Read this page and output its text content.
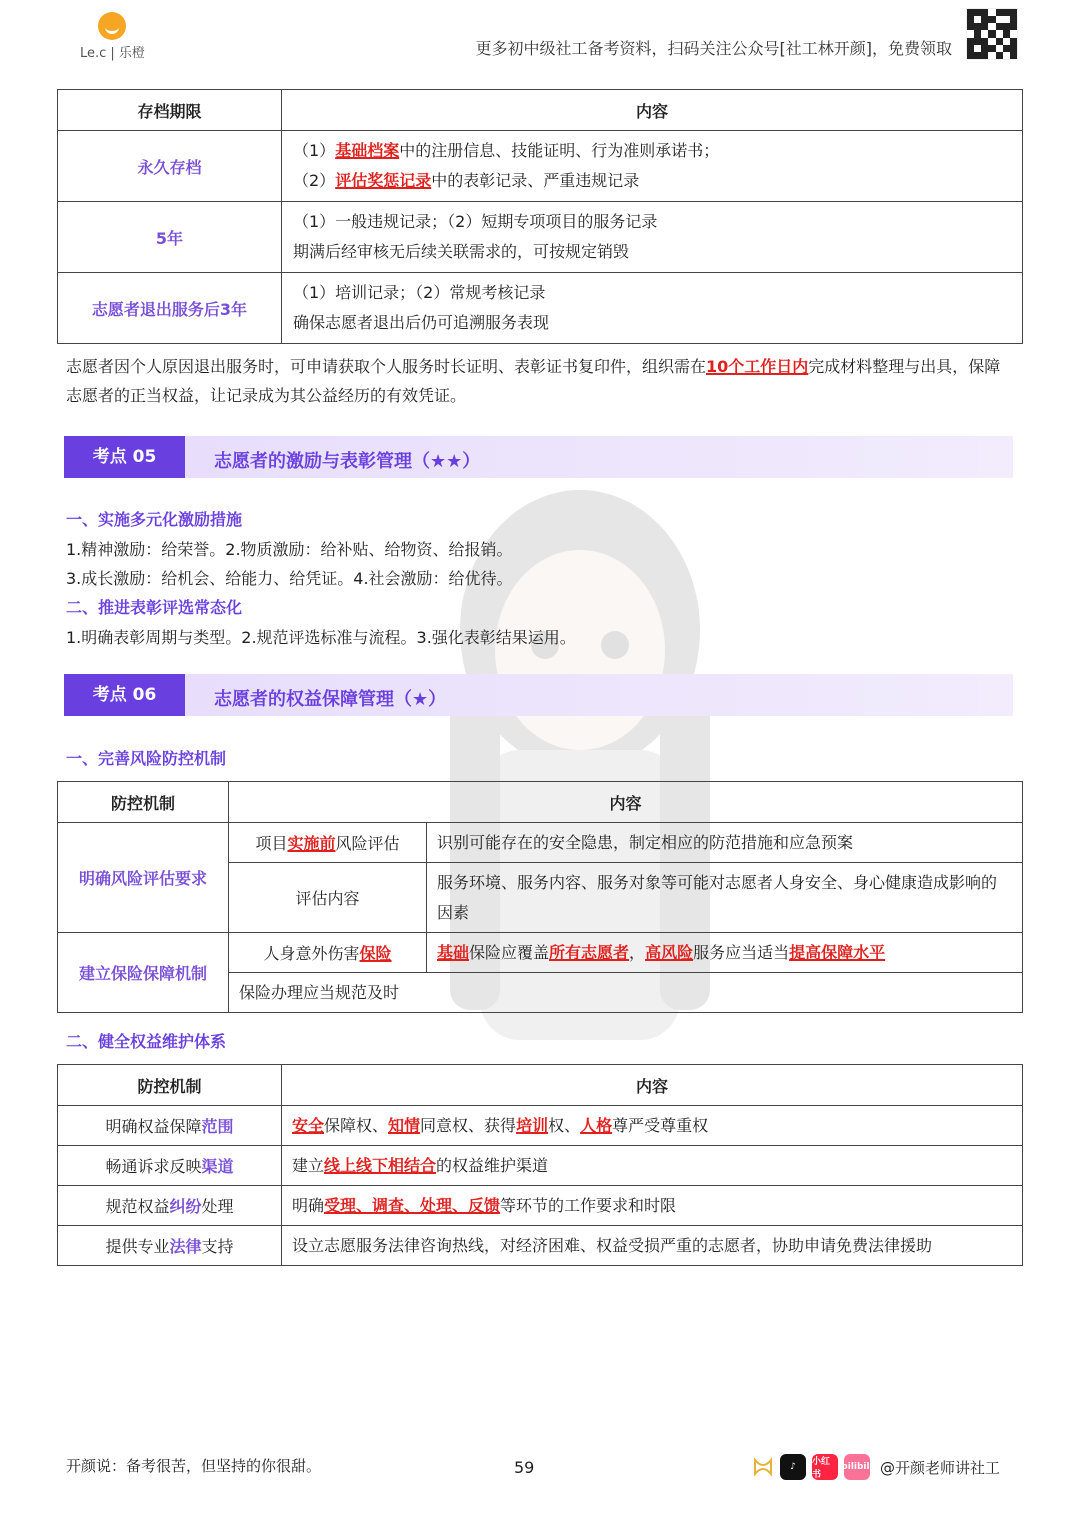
Le.c | 乐橙	更多初中级社工备考资料，扫码关注公众号[社工林开颜]，免费领取
存档期限	内容
永久存档	（1）基础档案中的注册信息、技能证明、行为准则承诺书；
（2）评估奖惩记录中的表彰记录、严重违规记录

5年	（1）一般违规记录；（2）短期专项项目的服务记录
期满后经审核无后续关联需求的，可按规定销毁

志愿者退出服务后3年	（1）培训记录；（2）常规考核记录
确保志愿者退出后仍可追溯服务表现
志愿者因个人原因退出服务时，可申请获取个人服务时长证明、表彰证书复印件，组织需在10个工作日内完成材料整理与出具，保障志愿者的正当权益，让记录成为其公益经历的有效凭证。
考点 05	志愿者的激励与表彰管理（★★）
一、实施多元化激励措施
1.精神激励：给荣誉。2.物质激励：给补贴、给物资、给报销。
3.成长激励：给机会、给能力、给凭证。4.社会激励：给优待。
二、推进表彰评选常态化
1.明确表彰周期与类型。2.规范评选标准与流程。3.强化表彰结果运用。
考点 06	志愿者的权益保障管理（★）
一、完善风险防控机制
防控机制	内容	
明确风险评估要求	项目实施前风险评估	识别可能存在的安全隐患，制定相应的防范措施和应急预案
	评估内容	服务环境、服务内容、服务对象等可能对志愿者人身安全、身心健康造成影响的因素
建立保险保障机制	人身意外伤害保险	基础保险应覆盖所有志愿者，高风险服务应当适当提高保障水平
	保险办理应当规范及时	
二、健全权益维护体系
防控机制	内容
明确权益保障范围	安全保障权、知情同意权、获得培训权、人格尊严受尊重权
畅通诉求反映渠道	建立线上线下相结合的权益维护渠道
规范权益纠纷处理	明确受理、调查、处理、反馈等环节的工作要求和时限
提供专业法律支持	设立志愿服务法律咨询热线，对经济困难、权益受损严重的志愿者，协助申请免费法律援助
开颜说：备考很苦，但坚持的你很甜。	59	♪	小红书
bilibili @开颜老师讲社工
